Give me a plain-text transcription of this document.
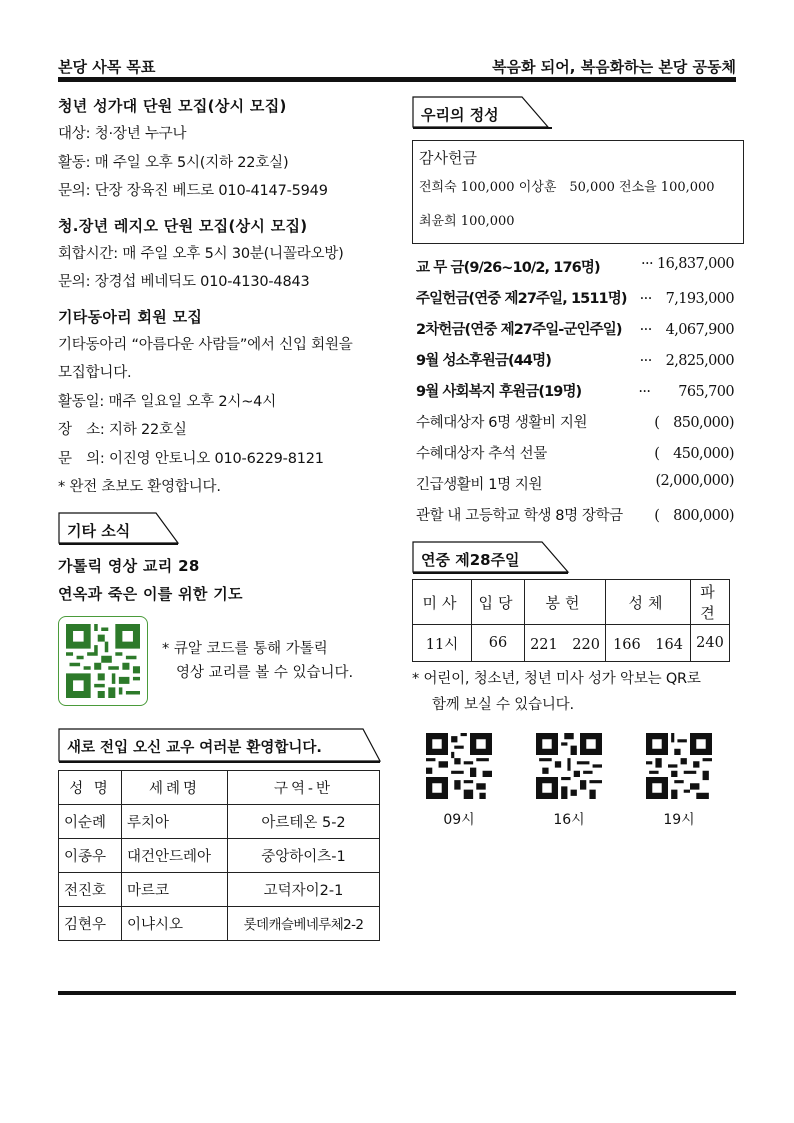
본당 사목 목표	복음화 되어, 복음화하는 본당 공동체
청년 성가대 단원 모집(상시 모집)
대상: 청·장년 누구나
활동: 매 주일 오후 5시(지하 22호실)
문의: 단장 장육진 베드로 010-4147-5949
청.장년 레지오 단원 모집(상시 모집)
회합시간: 매 주일 오후 5시 30분(니꼴라오방)
문의: 장경섭 베네딕도 010-4130-4843
기타동아리 회원 모집
기타동아리 “아름다운 사람들”에서 신입 회원을
모집합니다.
활동일: 매주 일요일 오후 2시~4시
장　소: 지하 22호실
문　의: 이진영 안토니오 010-6229-8121
* 완전 초보도 환영합니다.
기타 소식
가톨릭 영상 교리 28
연옥과 죽은 이를 위한 기도
* 큐알 코드를 통해 가톨릭
영상 교리를 볼 수 있습니다.
새로 전입 오신 교우 여러분 환영합니다.
성 명	세례명	구역-반
이순례	루치아	아르테온 5-2
이종우	대건안드레아	중앙하이츠-1
전진호	마르코	고덕자이2-1
김현우	이냐시오	롯데캐슬베네루체2-2
우리의 정성
감사헌금
전희숙 100,000 이상훈　50,000 전소을 100,000
최윤희 100,000
교 무 금(9/26~10/2, 176명)	··· 16,837,000
주일헌금(연중 제27주일, 1511명) ···　7,193,000
2차헌금(연중 제27주일-군인주일) ···　4,067,900
9월 성소후원금(44명)	···　2,825,000
9월 사회복지 후원금(19명)	···　　765,700
수혜대상자 6명 생활비 지원	(　850,000)
수혜대상자 추석 선물	(　450,000)
긴급생활비 1명 지원	(2,000,000)
관할 내 고등학교 학생 8명 장학금 (　800,000)
연중 제28주일
미사	입당	봉헌	성체	파견
11시	66	221　220	166　164	240
* 어린이, 청소년, 청년 미사 성가 악보는 QR로
함께 보실 수 있습니다.
09시	16시	19시
